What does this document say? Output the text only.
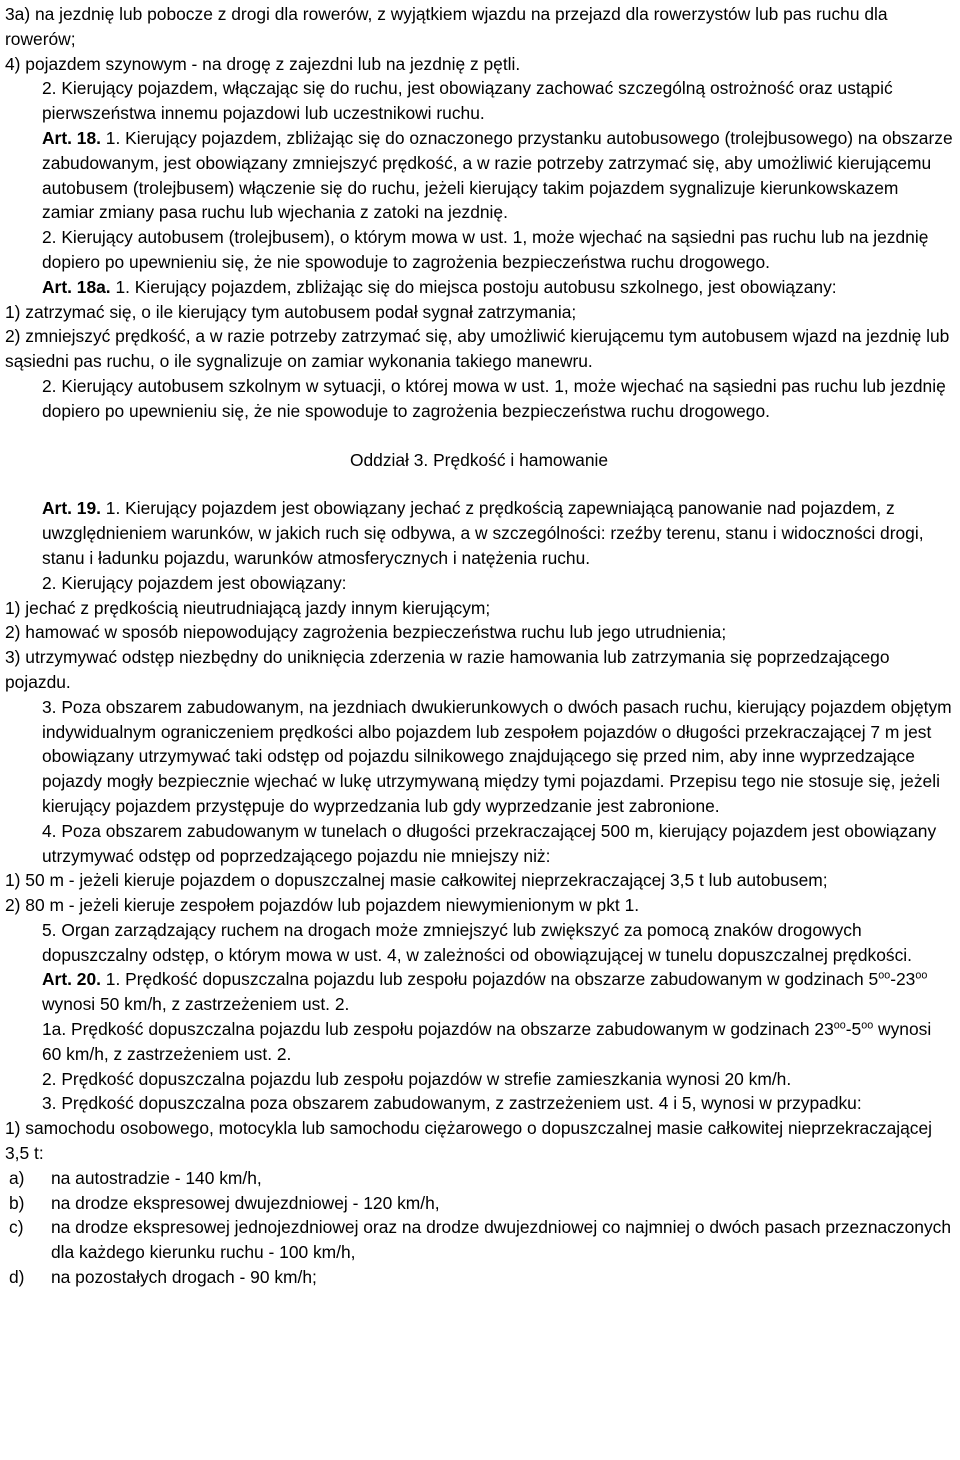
3a) na jezdnię lub pobocze z drogi dla rowerów, z wyjątkiem wjazdu na przejazd dla rowerzystów lub pas ruchu dla rowerów;

4) pojazdem szynowym - na drogę z zajezdni lub na jezdnię z pętli.

2. Kierujący pojazdem, włączając się do ruchu, jest obowiązany zachować szczególną ostrożność oraz ustąpić pierwszeństwa innemu pojazdowi lub uczestnikowi ruchu.

Art. 18. 1. Kierujący pojazdem, zbliżając się do oznaczonego przystanku autobusowego (trolejbusowego) na obszarze zabudowanym, jest obowiązany zmniejszyć prędkość, a w razie potrzeby zatrzymać się, aby umożliwić kierującemu autobusem (trolejbusem) włączenie się do ruchu, jeżeli kierujący takim pojazdem sygnalizuje kierunkowskazem zamiar zmiany pasa ruchu lub wjechania z zatoki na jezdnię.

2. Kierujący autobusem (trolejbusem), o którym mowa w ust. 1, może wjechać na sąsiedni pas ruchu lub na jezdnię dopiero po upewnieniu się, że nie spowoduje to zagrożenia bezpieczeństwa ruchu drogowego.

Art. 18a. 1. Kierujący pojazdem, zbliżając się do miejsca postoju autobusu szkolnego, jest obowiązany:

1) zatrzymać się, o ile kierujący tym autobusem podał sygnał zatrzymania;

2) zmniejszyć prędkość, a w razie potrzeby zatrzymać się, aby umożliwić kierującemu tym autobusem wjazd na jezdnię lub sąsiedni pas ruchu, o ile sygnalizuje on zamiar wykonania takiego manewru.

2. Kierujący autobusem szkolnym w sytuacji, o której mowa w ust. 1, może wjechać na sąsiedni pas ruchu lub jezdnię dopiero po upewnieniu się, że nie spowoduje to zagrożenia bezpieczeństwa ruchu drogowego.

Oddział 3. Prędkość i hamowanie

Art. 19. 1. Kierujący pojazdem jest obowiązany jechać z prędkością zapewniającą panowanie nad pojazdem, z uwzględnieniem warunków, w jakich ruch się odbywa, a w szczególności: rzeźby terenu, stanu i widoczności drogi, stanu i ładunku pojazdu, warunków atmosferycznych i natężenia ruchu.

2. Kierujący pojazdem jest obowiązany:

1) jechać z prędkością nieutrudniającą jazdy innym kierującym;

2) hamować w sposób niepowodujący zagrożenia bezpieczeństwa ruchu lub jego utrudnienia;

3) utrzymywać odstęp niezbędny do uniknięcia zderzenia w razie hamowania lub zatrzymania się poprzedzającego pojazdu.

3. Poza obszarem zabudowanym, na jezdniach dwukierunkowych o dwóch pasach ruchu, kierujący pojazdem objętym indywidualnym ograniczeniem prędkości albo pojazdem lub zespołem pojazdów o długości przekraczającej 7 m jest obowiązany utrzymywać taki odstęp od pojazdu silnikowego znajdującego się przed nim, aby inne wyprzedzające pojazdy mogły bezpiecznie wjechać w lukę utrzymywaną między tymi pojazdami. Przepisu tego nie stosuje się, jeżeli kierujący pojazdem przystępuje do wyprzedzania lub gdy wyprzedzanie jest zabronione.

4. Poza obszarem zabudowanym w tunelach o długości przekraczającej 500 m, kierujący pojazdem jest obowiązany utrzymywać odstęp od poprzedzającego pojazdu nie mniejszy niż:

1) 50 m - jeżeli kieruje pojazdem o dopuszczalnej masie całkowitej nieprzekraczającej 3,5 t lub autobusem;

2) 80 m - jeżeli kieruje zespołem pojazdów lub pojazdem niewymienionym w pkt 1.

5. Organ zarządzający ruchem na drogach może zmniejszyć lub zwiększyć za pomocą znaków drogowych dopuszczalny odstęp, o którym mowa w ust. 4, w zależności od obowiązującej w tunelu dopuszczalnej prędkości.

Art. 20. 1. Prędkość dopuszczalna pojazdu lub zespołu pojazdów na obszarze zabudowanym w godzinach $5^{oo}-23^{oo}$ wynosi 50 km/h, z zastrzeżeniem ust. 2.

1a. Prędkość dopuszczalna pojazdu lub zespołu pojazdów na obszarze zabudowanym w godzinach $23^{oo}-5^{oo}$ wynosi 60 km/h, z zastrzeżeniem ust. 2.

2. Prędkość dopuszczalna pojazdu lub zespołu pojazdów w strefie zamieszkania wynosi 20 km/h.

3. Prędkość dopuszczalna poza obszarem zabudowanym, z zastrzeżeniem ust. 4 i 5, wynosi w przypadku:

1) samochodu osobowego, motocykla lub samochodu ciężarowego o dopuszczalnej masie całkowitej nieprzekraczającej 3,5 t:

a)	na autostradzie - 140 km/h,
b)	na drodze ekspresowej dwujezdniowej - 120 km/h,
c)	na drodze ekspresowej jednojezdniowej oraz na drodze dwujezdniowej co najmniej o dwóch pasach przeznaczonych dla każdego kierunku ruchu - 100 km/h,
d)	na pozostałych drogach - 90 km/h;
